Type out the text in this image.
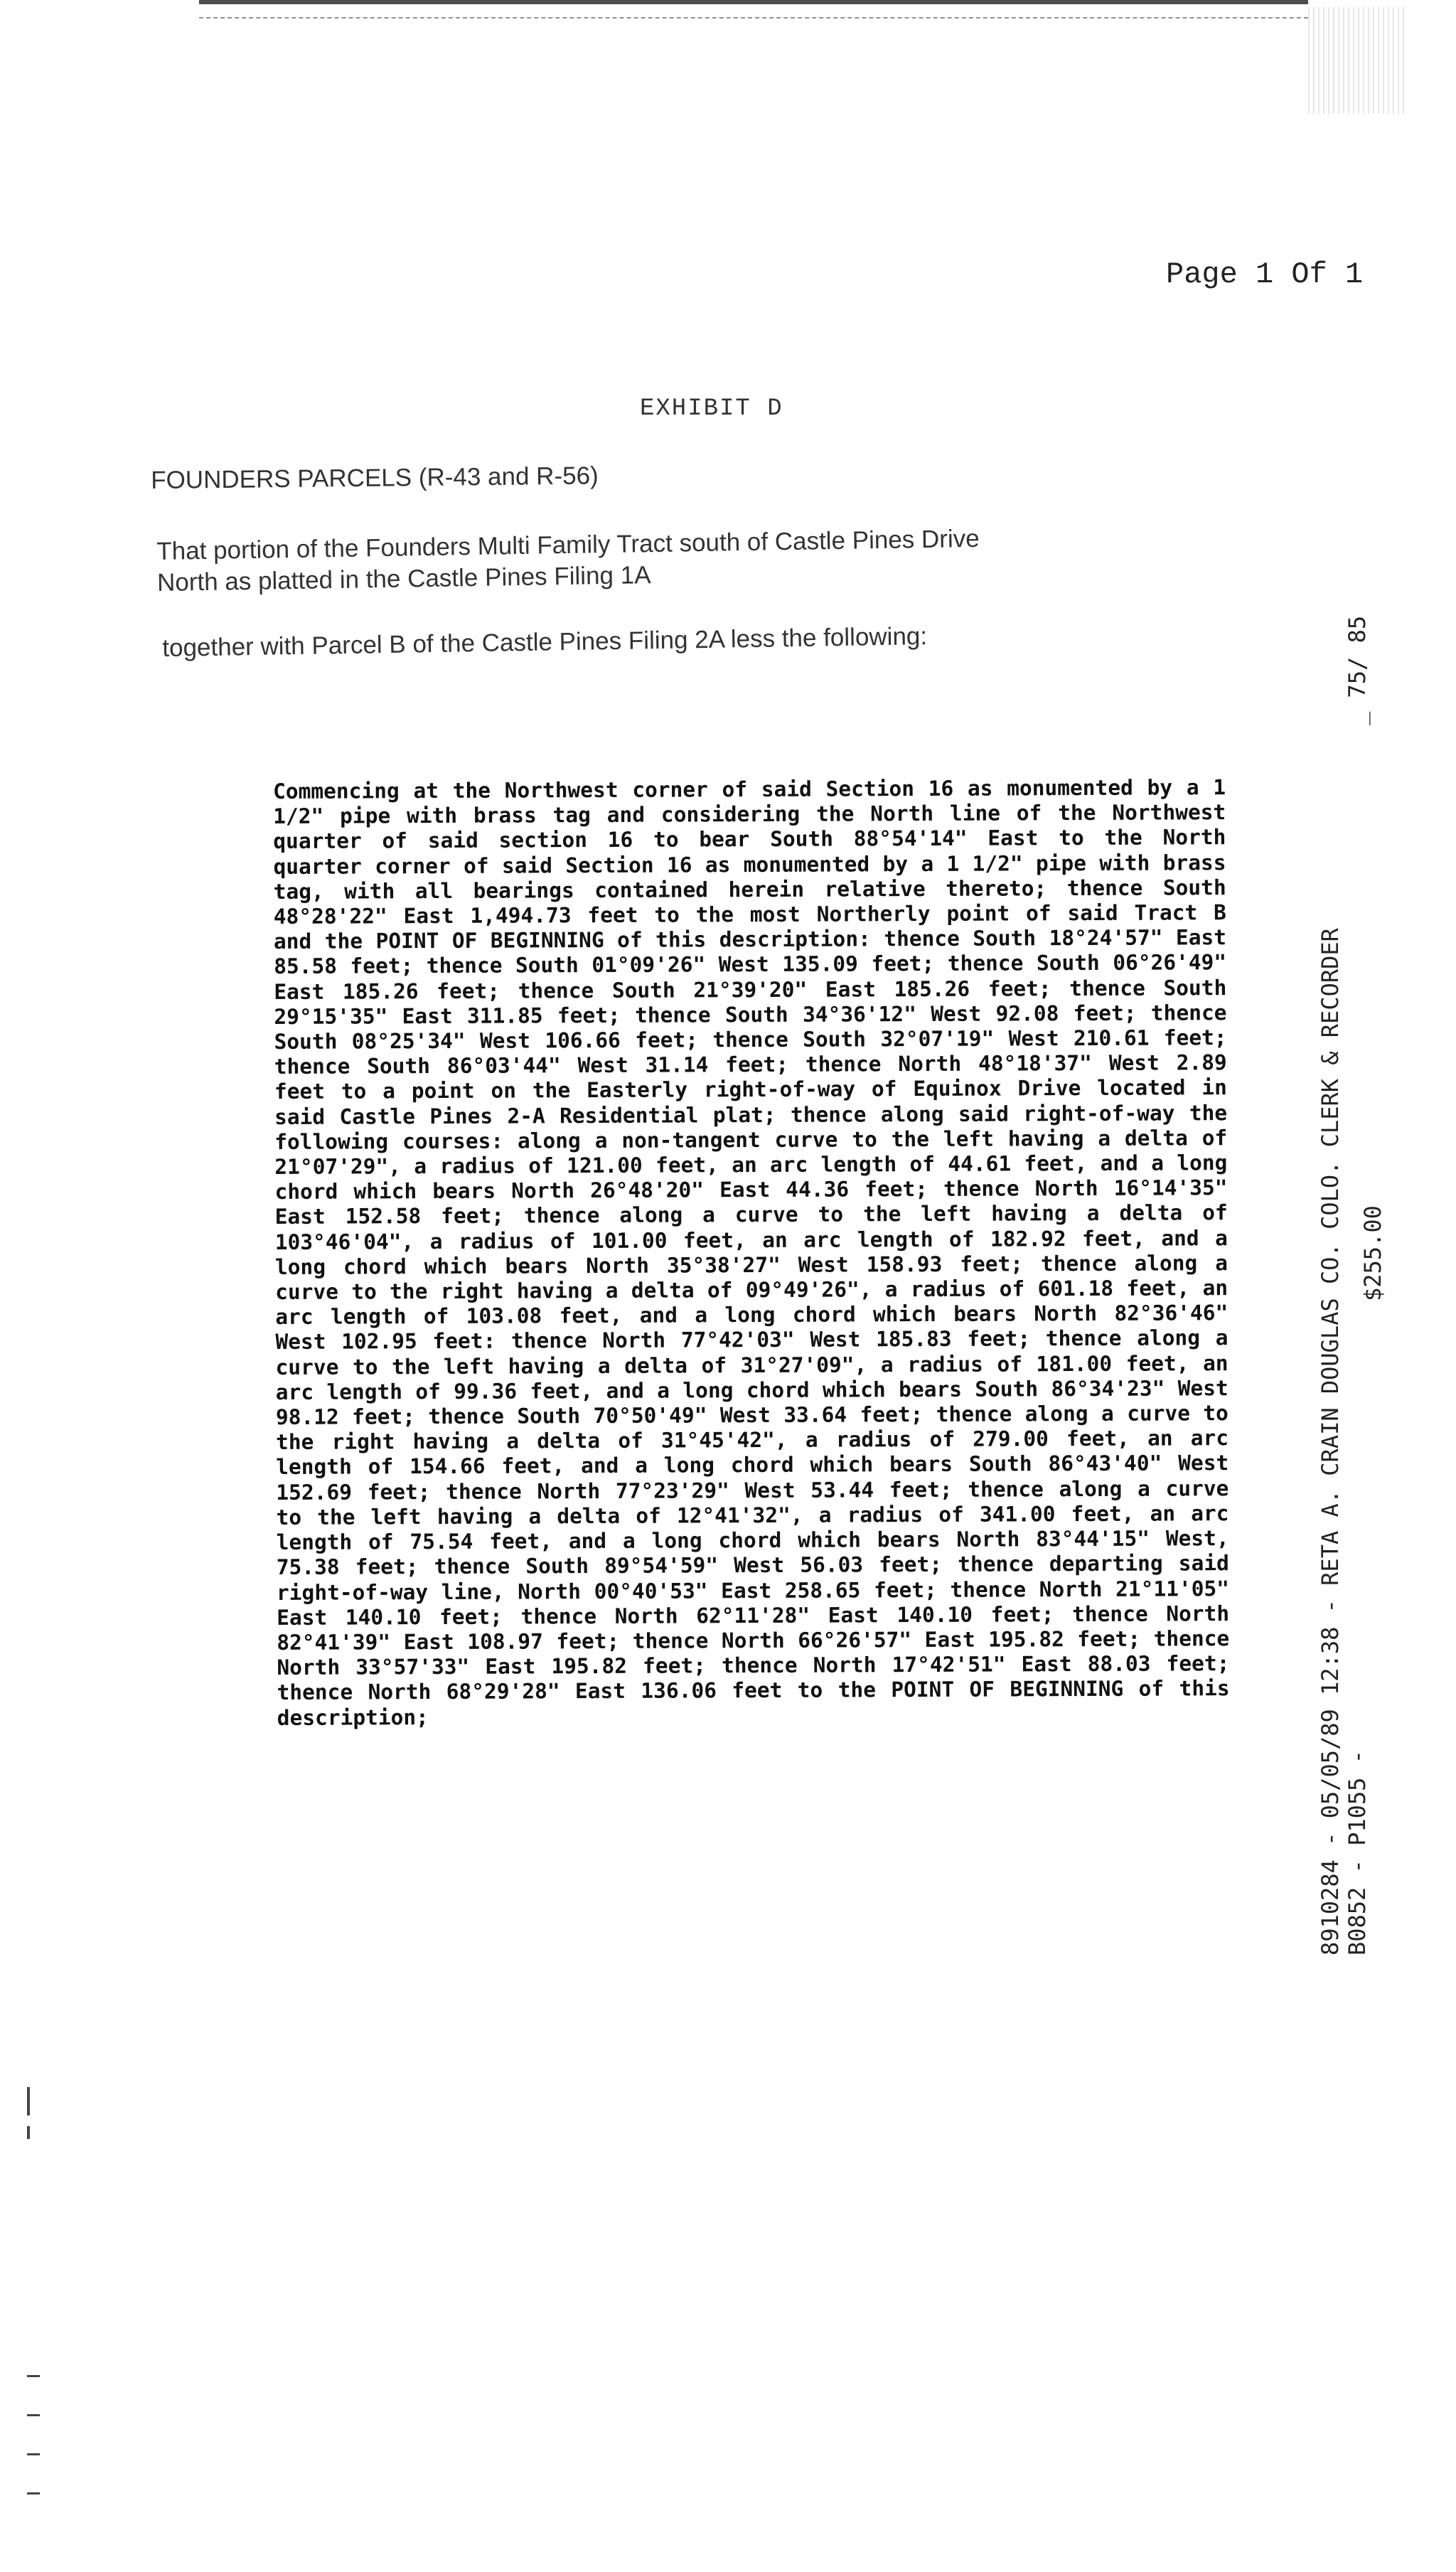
Page 1 Of 1
EXHIBIT D
FOUNDERS PARCELS (R-43 and R-56)
That portion of the Founders Multi Family Tract south of Castle Pines Drive
North as platted in the Castle Pines Filing 1A
together with Parcel B of the Castle Pines Filing 2A less the following:

Commencing at the Northwest corner of said Section 16 as monumented by a 1 1/2" pipe with brass tag and considering the North line of the Northwest quarter of said section 16 to bear South 88°54'14" East to the North quarter corner of said Section 16 as monumented by a 1 1/2" pipe with brass tag, with all bearings contained herein relative thereto; thence South 48°28'22" East 1,494.73 feet to the most Northerly point of said Tract B and the POINT OF BEGINNING of this description: thence South 18°24'57" East 85.58 feet; thence South 01°09'26" West 135.09 feet; thence South 06°26'49" East 185.26 feet; thence South 21°39'20" East 185.26 feet; thence South 29°15'35" East 311.85 feet; thence South 34°36'12" West 92.08 feet; thence South 08°25'34" West 106.66 feet; thence South 32°07'19" West 210.61 feet; thence South 86°03'44" West 31.14 feet; thence North 48°18'37" West 2.89 feet to a point on the Easterly right-of-way of Equinox Drive located in said Castle Pines 2-A Residential plat; thence along said right-of-way the following courses: along a non-tangent curve to the left having a delta of 21°07'29", a radius of 121.00 feet, an arc length of 44.61 feet, and a long chord which bears North 26°48'20" East 44.36 feet; thence North 16°14'35" East 152.58 feet; thence along a curve to the left having a delta of 103°46'04", a radius of 101.00 feet, an arc length of 182.92 feet, and a long chord which bears North 35°38'27" West 158.93 feet; thence along a curve to the right having a delta of 09°49'26", a radius of 601.18 feet, an arc length of 103.08 feet, and a long chord which bears North 82°36'46" West 102.95 feet: thence North 77°42'03" West 185.83 feet; thence along a curve to the left having a delta of 31°27'09", a radius of 181.00 feet, an arc length of 99.36 feet, and a long chord which bears South 86°34'23" West 98.12 feet; thence South 70°50'49" West 33.64 feet; thence along a curve to the right having a delta of 31°45'42", a radius of 279.00 feet, an arc length of 154.66 feet, and a long chord which bears South 86°43'40" West 152.69 feet; thence North 77°23'29" West 53.44 feet; thence along a curve to the left having a delta of 12°41'32", a radius of 341.00 feet, an arc length of 75.54 feet, and a long chord which bears North 83°44'15" West, 75.38 feet; thence South 89°54'59" West 56.03 feet; thence departing said right-of-way line, North 00°40'53" East 258.65 feet; thence North 21°11'05" East 140.10 feet; thence North 62°11'28" East 140.10 feet; thence North 82°41'39" East 108.97 feet; thence North 66°26'57" East 195.82 feet; thence North 33°57'33" East 195.82 feet; thence North 17°42'51" East 88.03 feet; thence North 68°29'28" East 136.06 feet to the POINT OF BEGINNING of this description;	8910284 - 05/05/89 12:38 - RETA A. CRAIN DOUGLAS CO. COLO. CLERK & RECORDER B0852 - P1055 -
$255.00
_ 75/ 85
